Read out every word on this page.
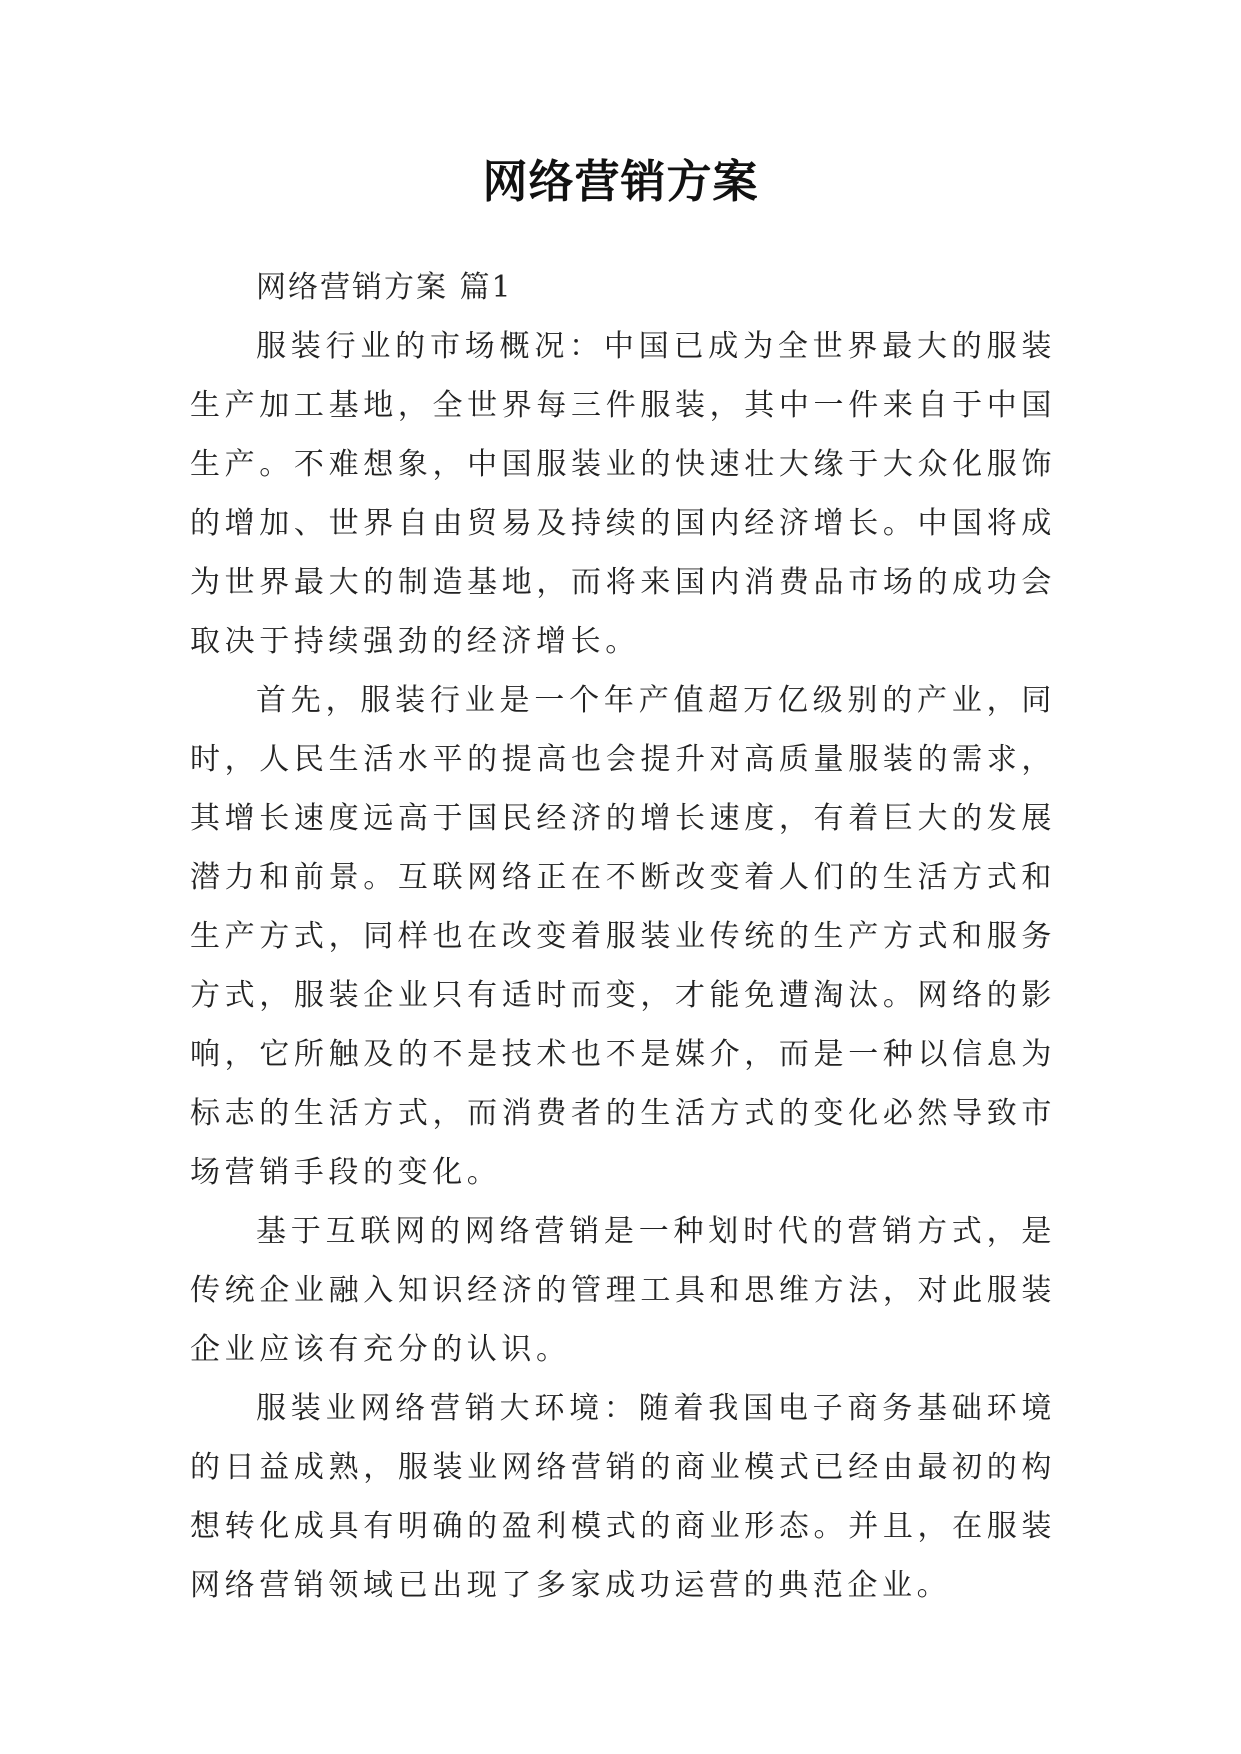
网络营销方案

网络营销方案 篇1

服装行业的市场概况：中国已成为全世界最大的服装生产加工基地，全世界每三件服装，其中一件来自于中国生产。不难想象，中国服装业的快速壮大缘于大众化服饰的增加、世界自由贸易及持续的国内经济增长。中国将成为世界最大的制造基地，而将来国内消费品市场的成功会取决于持续强劲的经济增长。

首先，服装行业是一个年产值超万亿级别的产业，同时，人民生活水平的提高也会提升对高质量服装的需求，其增长速度远高于国民经济的增长速度，有着巨大的发展潜力和前景。互联网络正在不断改变着人们的生活方式和生产方式，同样也在改变着服装业传统的生产方式和服务方式，服装企业只有适时而变，才能免遭淘汰。网络的影响，它所触及的不是技术也不是媒介，而是一种以信息为标志的生活方式，而消费者的生活方式的变化必然导致市场营销手段的变化。

基于互联网的网络营销是一种划时代的营销方式，是传统企业融入知识经济的管理工具和思维方法，对此服装企业应该有充分的认识。

服装业网络营销大环境：随着我国电子商务基础环境的日益成熟，服装业网络营销的商业模式已经由最初的构想转化成具有明确的盈利模式的商业形态。并且，在服装网络营销领域已出现了多家成功运营的典范企业。
